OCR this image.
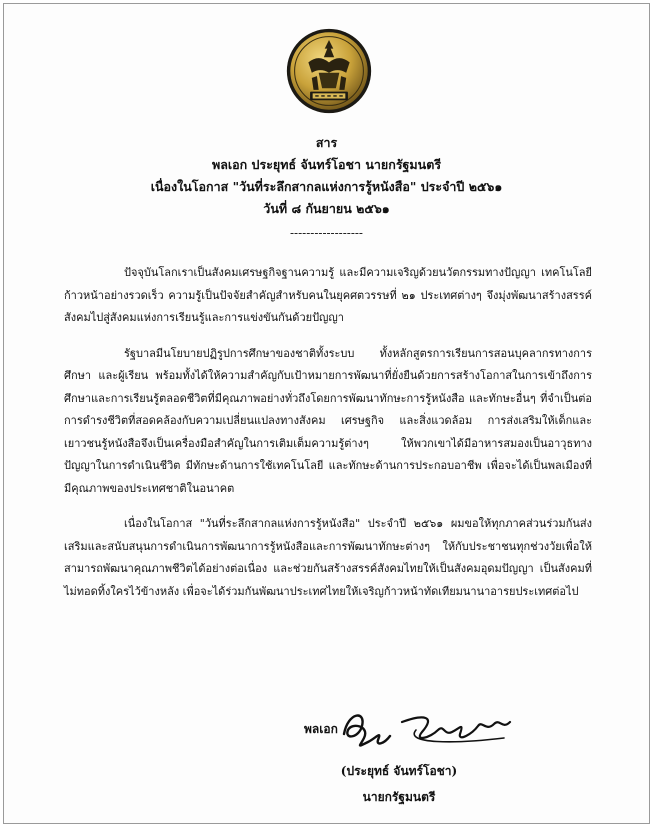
สาร
พลเอก ประยุทธ์ จันทร์โอชา นายกรัฐมนตรี
เนื่องในโอกาส "วันที่ระลึกสากลแห่งการรู้หนังสือ" ประจำปี ๒๕๖๑
วันที่ ๘ กันยายน ๒๕๖๑
------------------

ปัจจุบันโลกเราเป็นสังคมเศรษฐกิจฐานความรู้ และมีความเจริญด้วยนวัตกรรมทางปัญญา เทคโนโลยีก้าวหน้าอย่างรวดเร็ว ความรู้เป็นปัจจัยสำคัญสำหรับคนในยุคศตวรรษที่ ๒๑ ประเทศต่างๆ จึงมุ่งพัฒนาสร้างสรรค์สังคมไปสู่สังคมแห่งการเรียนรู้และการแข่งขันกันด้วยปัญญา

รัฐบาลมีนโยบายปฏิรูปการศึกษาของชาติทั้งระบบ ทั้งหลักสูตรการเรียนการสอนบุคลากรทางการศึกษา และผู้เรียน พร้อมทั้งได้ให้ความสำคัญกับเป้าหมายการพัฒนาที่ยั่งยืนด้วยการสร้างโอกาสในการเข้าถึงการศึกษาและการเรียนรู้ตลอดชีวิตที่มีคุณภาพอย่างทั่วถึงโดยการพัฒนาทักษะการรู้หนังสือ และทักษะอื่นๆ ที่จำเป็นต่อการดำรงชีวิตที่สอดคล้องกับความเปลี่ยนแปลงทางสังคม เศรษฐกิจ และสิ่งแวดล้อม การส่งเสริมให้เด็กและเยาวชนรู้หนังสือจึงเป็นเครื่องมือสำคัญในการเติมเต็มความรู้ต่างๆ ให้พวกเขาได้มีอาหารสมองเป็นอาวุธทางปัญญาในการดำเนินชีวิต มีทักษะด้านการใช้เทคโนโลยี และทักษะด้านการประกอบอาชีพ เพื่อจะได้เป็นพลเมืองที่มีคุณภาพของประเทศชาติในอนาคต

เนื่องในโอกาส "วันที่ระลึกสากลแห่งการรู้หนังสือ" ประจำปี ๒๕๖๑ ผมขอให้ทุกภาคส่วนร่วมกันส่งเสริมและสนับสนุนการดำเนินการพัฒนาการรู้หนังสือและการพัฒนาทักษะต่างๆ ให้กับประชาชนทุกช่วงวัยเพื่อให้สามารถพัฒนาคุณภาพชีวิตได้อย่างต่อเนื่อง และช่วยกันสร้างสรรค์สังคมไทยให้เป็นสังคมอุดมปัญญา เป็นสังคมที่ไม่ทอดทิ้งใครไว้ข้างหลัง เพื่อจะได้ร่วมกันพัฒนาประเทศไทยให้เจริญก้าวหน้าทัดเทียมนานาอารยประเทศต่อไป

พลเอก
(ประยุทธ์ จันทร์โอชา)
นายกรัฐมนตรี
